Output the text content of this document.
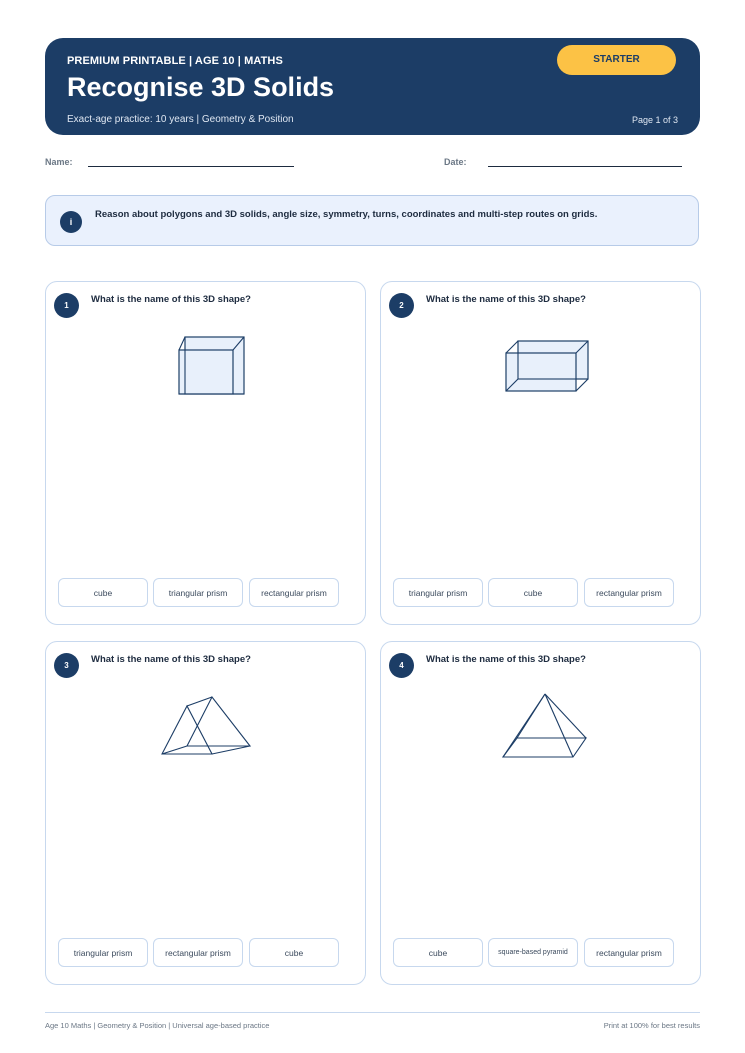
PREMIUM PRINTABLE | AGE 10 | MATHS
Recognise 3D Solids
Exact-age practice: 10 years | Geometry & Position
STARTER
Page 1 of 3
Name:	Date:
i
Reason about polygons and 3D solids, angle size, symmetry, turns, coordinates and multi-step routes on grids.
1
What is the name of this 3D shape?
cube	triangular prism	rectangular prism
2
What is the name of this 3D shape?
triangular prism	cube	rectangular prism
3
What is the name of this 3D shape?
triangular prism	rectangular prism	cube
4
What is the name of this 3D shape?
cube	square-based pyramid	rectangular prism
Age 10 Maths | Geometry & Position | Universal age-based practice	Print at 100% for best results
